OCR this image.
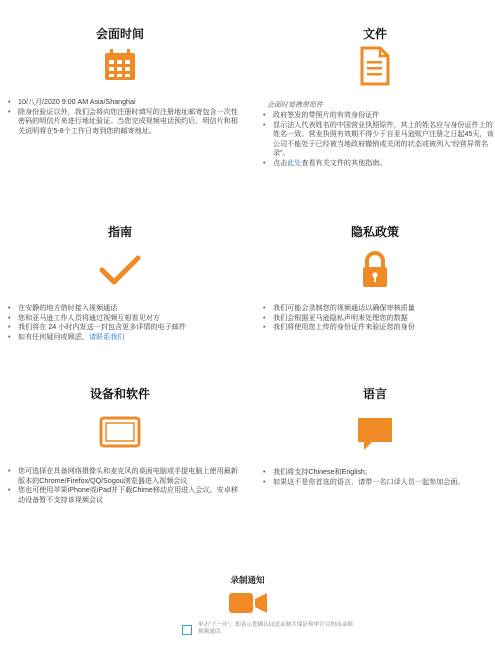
会面时间
• 10/八月/2020 9:00 AM Asia/Shanghai
• 除身份验证以外，我们会将向您注册时填写的注册地址邮寄包含一次性密码的明信片来进行地址验证。当您完成视频电话预约后，明信片和相关说明将在5-8个工作日寄到您的邮寄地址。
文件
会面时要携带原件
• 政府签发的带照片的有效身份证件
• 显示法人代表姓名的中国营业执照原件，其上的姓名应与身份证件上的姓名一致。营业执照有效期不得少于自亚马逊账户注册之日起45天，该公司不能处于已经被当地政府撤销或关闭的状态或被列入“经营异常名录”。
• 点击此处查看有关文件的其他指南。
指南
• 在安静的地方借时接入视频通话
• 您和亚马逊工作人员将通过视频互相看见对方
• 我们将在 24 小时内发送一封包含更多详情的电子邮件
• 如有任何疑问或顾虑，请联系我们
隐私政策
• 我们可能会录制您的视频通话以确保审核质量
• 我们会根据亚马逊隐私声明来处理您的数据
• 我们将使用您上传的身份证件来验证您的身份
设备和软件
• 您可选择在具备网络摄像头和麦克风的桌面电脑或手提电脑上使用最新版本的Chrome/Firefox/QQ/Sogou浏览器进入视频会议
• 您也可使用苹果iPhone或iPad并下载Chime移动应用进入会议。安卓移动设备暂不支持该视频会议
语言
• 我们将支持Chinese和English。
• 如果这不是你首选的语言，请带一名口译人员一起参加会面。
录制通知
单击“下一步”，即表示您确认同意录制并保证和审计目的而录制视频通话。
